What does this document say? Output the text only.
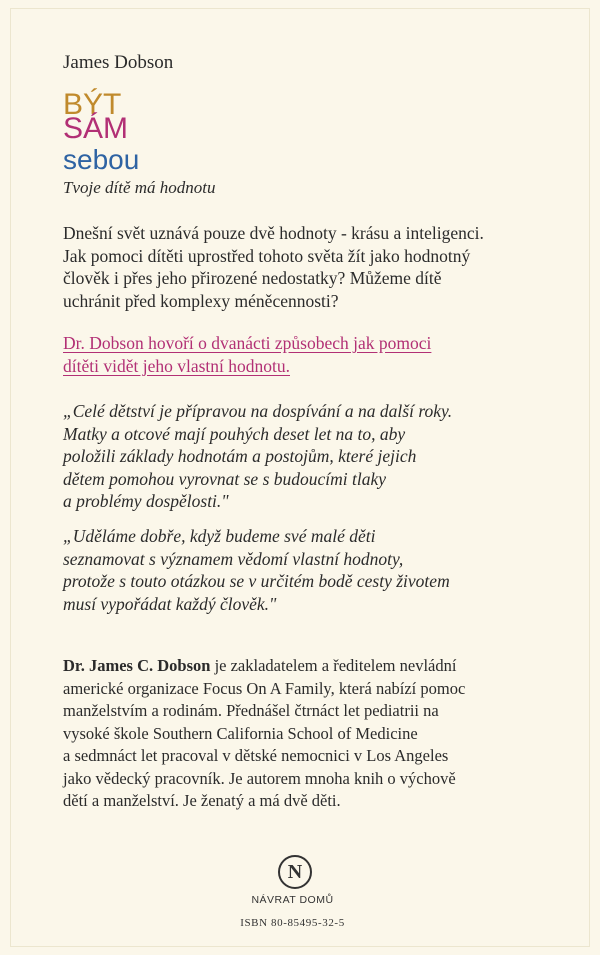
James Dobson
BÝT
SÁM
sebou
Tvoje dítě má hodnotu
Dnešní svět uznává pouze dvě hodnoty - krásu a inteligenci.
Jak pomoci dítěti uprostřed tohoto světa žít jako hodnotný
člověk i přes jeho přirozené nedostatky? Můžeme dítě
uchránit před komplexy méněcennosti?
Dr. Dobson hovoří o dvanácti způsobech jak pomoci
dítěti vidět jeho vlastní hodnotu.
„Celé dětství je přípravou na dospívání a na další roky.
Matky a otcové mají pouhých deset let na to, aby
položili základy hodnotám a postojům, které jejich
dětem pomohou vyrovnat se s budoucími tlaky
a problémy dospělosti."
„Uděláme dobře, když budeme své malé děti
seznamovat s významem vědomí vlastní hodnoty,
protože s touto otázkou se v určitém bodě cesty životem
musí vypořádat každý člověk."
Dr. James C. Dobson je zakladatelem a ředitelem nevládní
americké organizace Focus On A Family, která nabízí pomoc
manželstvím a rodinám. Přednášel čtrnáct let pediatrii na
vysoké škole Southern California School of Medicine
a sedmnáct let pracoval v dětské nemocnici v Los Angeles
jako vědecký pracovník. Je autorem mnoha knih o výchově
dětí a manželství. Je ženatý a má dvě děti.
N
NÁVRAT DOMŮ
ISBN 80-85495-32-5
